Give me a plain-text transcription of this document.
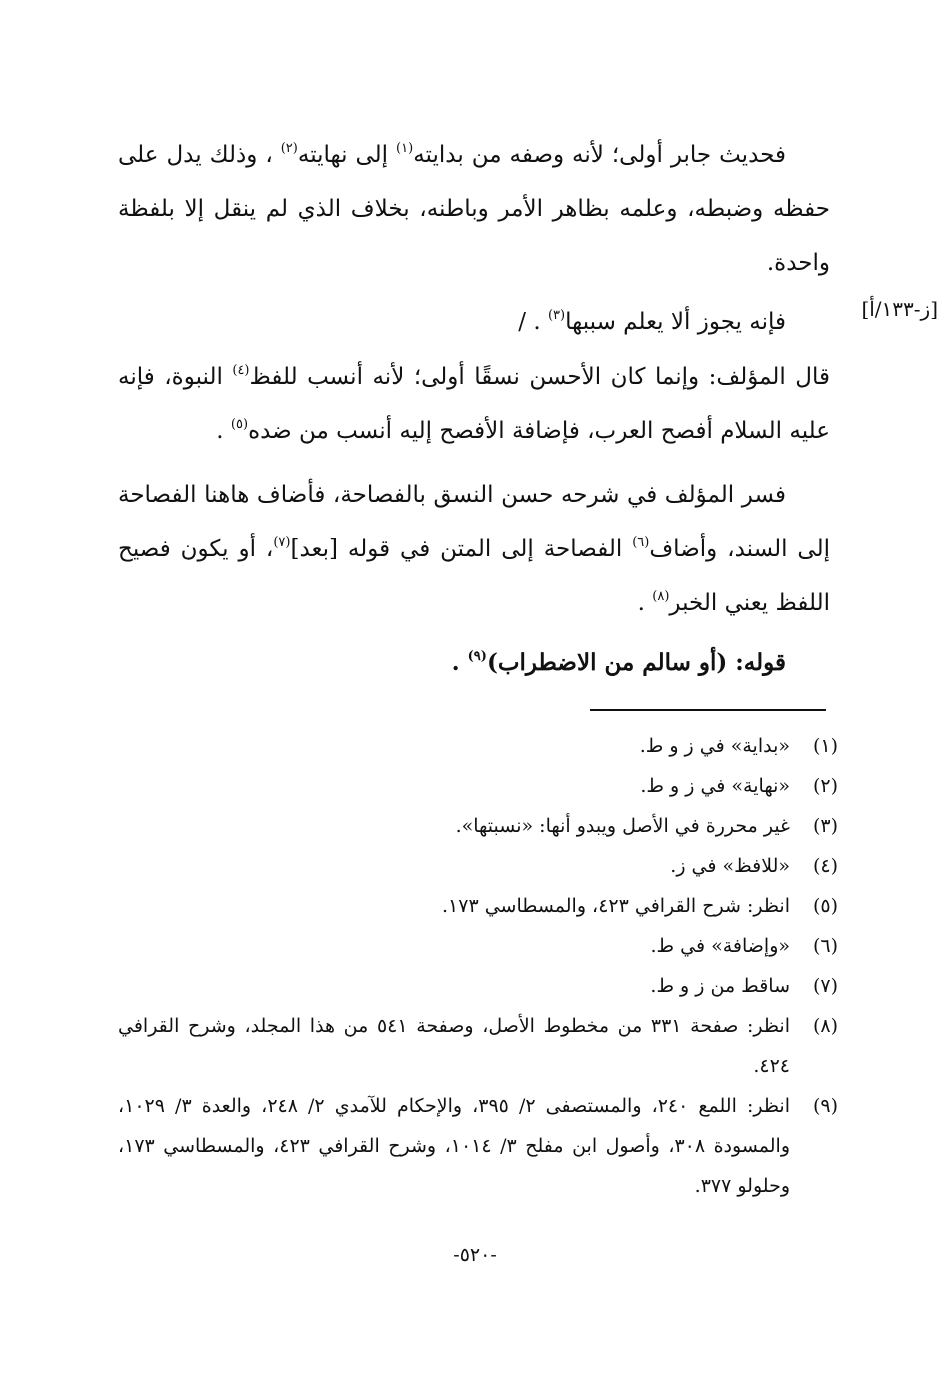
[ز-١٣٣/أ]

فحديث جابر أولى؛ لأنه وصفه من بدايته$^{(١)}$ إلى نهايته$^{(٢)}$ ، وذلك يدل على حفظه وضبطه، وعلمه بظاهر الأمر وباطنه، بخلاف الذي لم ينقل إلا بلفظة واحدة.

فإنه يجوز ألا يعلم سببها$^{(٣)}$ . /

قال المؤلف: وإنما كان الأحسن نسقًا أولى؛ لأنه أنسب للفظ$^{(٤)}$ النبوة، فإنه عليه السلام أفصح العرب، فإضافة الأفصح إليه أنسب من ضده$^{(٥)}$ .

فسر المؤلف في شرحه حسن النسق بالفصاحة، فأضاف هاهنا الفصاحة إلى السند، وأضاف$^{(٦)}$ الفصاحة إلى المتن في قوله [بعد]$^{(٧)}$، أو يكون فصيح اللفظ يعني الخبر$^{(٨)}$ .

قوله: (أو سالم من الاضطراب)$^{(٩)}$ .

(١)
«بداية» في ز و ط.
(٢)
«نهاية» في ز و ط.
(٣)
غير محررة في الأصل ويبدو أنها: «نسبتها».
(٤)
«للافظ» في ز.
(٥)
انظر: شرح القرافي ٤٢٣، والمسطاسي ١٧٣.
(٦)
«وإضافة» في ط.
(٧)
ساقط من ز و ط.
(٨)
انظر: صفحة ٣٣١ من مخطوط الأصل، وصفحة ٥٤١ من هذا المجلد، وشرح القرافي ٤٢٤.
(٩)
انظر: اللمع ٢٤٠، والمستصفى ٢/ ٣٩٥، والإحكام للآمدي ٢/ ٢٤٨، والعدة ٣/ ١٠٢٩، والمسودة ٣٠٨، وأصول ابن مفلح ٣/ ١٠١٤، وشرح القرافي ٤٢٣، والمسطاسي ١٧٣، وحلولو ٣٧٧.
-٥٢٠-
